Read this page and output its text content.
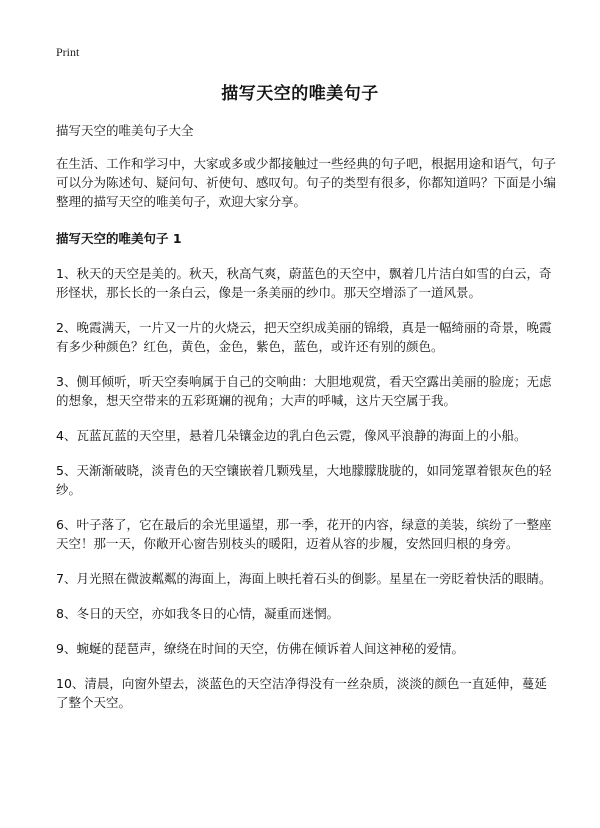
Print
描写天空的唯美句子

描写天空的唯美句子大全

在生活、工作和学习中，大家或多或少都接触过一些经典的句子吧，根据用途和语气，句子可以分为陈述句、疑问句、祈使句、感叹句。句子的类型有很多，你都知道吗？下面是小编整理的描写天空的唯美句子，欢迎大家分享。

描写天空的唯美句子 1

1、秋天的天空是美的。秋天，秋高气爽，蔚蓝色的天空中，飘着几片洁白如雪的白云，奇形怪状，那长长的一条白云，像是一条美丽的纱巾。那天空增添了一道风景。

2、晚霞满天，一片又一片的火烧云，把天空织成美丽的锦缎，真是一幅绮丽的奇景，晚霞有多少种颜色？红色，黄色，金色，紫色，蓝色，或许还有别的颜色。

3、侧耳倾听，听天空奏响属于自己的交响曲：大胆地观赏，看天空露出美丽的脸庞；无虑的想象，想天空带来的五彩斑斓的视角；大声的呼喊，这片天空属于我。

4、瓦蓝瓦蓝的天空里，悬着几朵镶金边的乳白色云霓，像风平浪静的海面上的小船。

5、天渐渐破晓，淡青色的天空镶嵌着几颗残星，大地朦朦胧胧的，如同笼罩着银灰色的轻纱。

6、叶子落了，它在最后的余光里遥望，那一季，花开的内容，绿意的美装，缤纷了一整座天空！那一天，你敞开心窗告别枝头的暖阳，迈着从容的步履，安然回归根的身旁。

7、月光照在微波粼粼的海面上，海面上映托着石头的倒影。星星在一旁眨着快活的眼睛。

8、冬日的天空，亦如我冬日的心情，凝重而迷惘。

9、蜿蜒的琵琶声，缭绕在时间的天空，仿佛在倾诉着人间这神秘的爱情。

10、清晨，向窗外望去，淡蓝色的天空洁净得没有一丝杂质，淡淡的颜色一直延伸，蔓延了整个天空。
